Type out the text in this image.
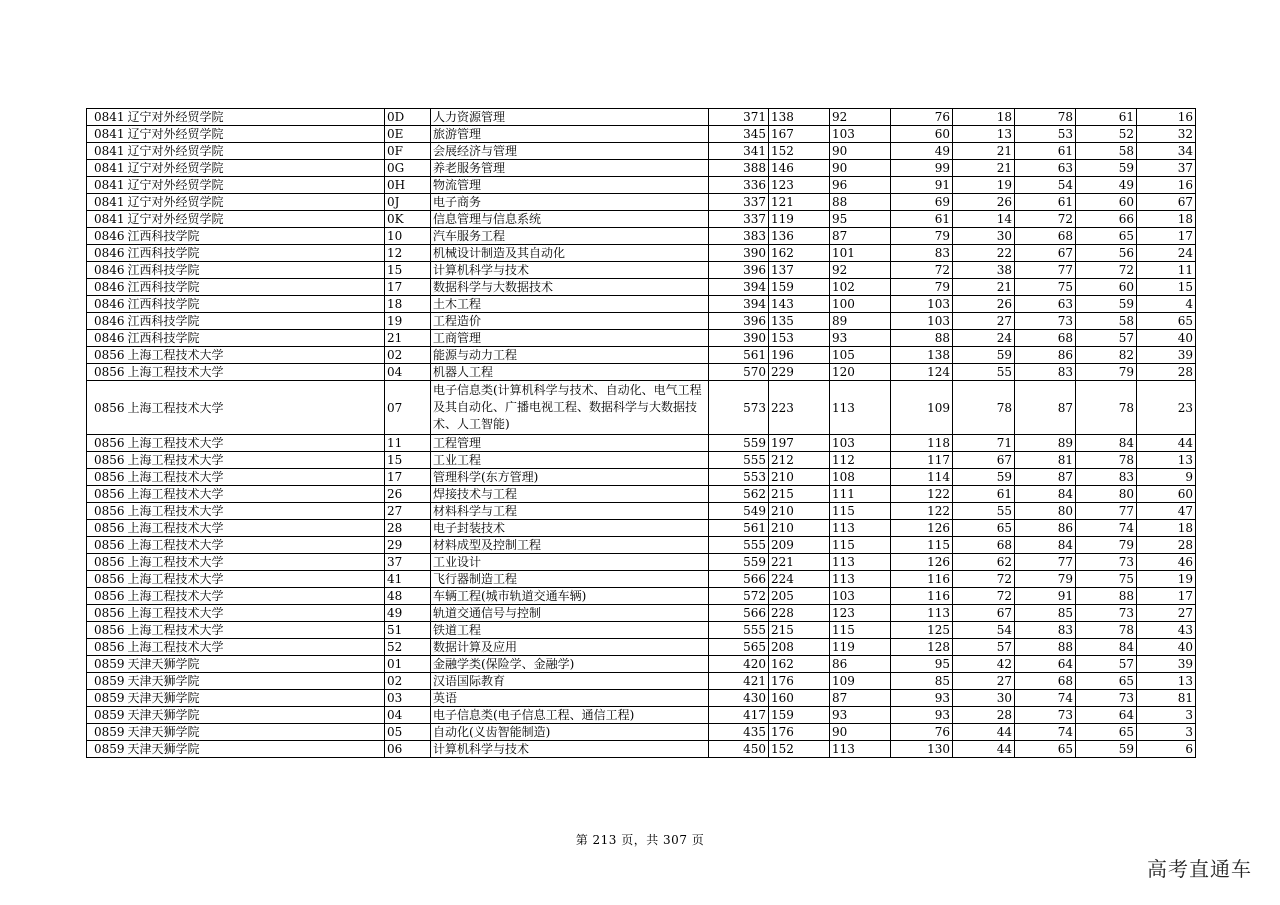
0841	辽宁对外经贸学院	0D	人力资源管理	371	138	92	76	18	78	61	16
0841	辽宁对外经贸学院	0E	旅游管理	345	167	103	60	13	53	52	32
0841	辽宁对外经贸学院	0F	会展经济与管理	341	152	90	49	21	61	58	34
0841	辽宁对外经贸学院	0G	养老服务管理	388	146	90	99	21	63	59	37
0841	辽宁对外经贸学院	0H	物流管理	336	123	96	91	19	54	49	16
0841	辽宁对外经贸学院	0J	电子商务	337	121	88	69	26	61	60	67
0841	辽宁对外经贸学院	0K	信息管理与信息系统	337	119	95	61	14	72	66	18
0846	江西科技学院	10	汽车服务工程	383	136	87	79	30	68	65	17
0846	江西科技学院	12	机械设计制造及其自动化	390	162	101	83	22	67	56	24
0846	江西科技学院	15	计算机科学与技术	396	137	92	72	38	77	72	11
0846	江西科技学院	17	数据科学与大数据技术	394	159	102	79	21	75	60	15
0846	江西科技学院	18	土木工程	394	143	100	103	26	63	59	4
0846	江西科技学院	19	工程造价	396	135	89	103	27	73	58	65
0846	江西科技学院	21	工商管理	390	153	93	88	24	68	57	40
0856	上海工程技术大学	02	能源与动力工程	561	196	105	138	59	86	82	39
0856	上海工程技术大学	04	机器人工程	570	229	120	124	55	83	79	28
0856	上海工程技术大学	07	电子信息类(计算机科学与技术、自动化、电气工程及其自动化、广播电视工程、数据科学与大数据技术、人工智能)	573	223	113	109	78	87	78	23
0856	上海工程技术大学	11	工程管理	559	197	103	118	71	89	84	44
0856	上海工程技术大学	15	工业工程	555	212	112	117	67	81	78	13
0856	上海工程技术大学	17	管理科学(东方管理)	553	210	108	114	59	87	83	9
0856	上海工程技术大学	26	焊接技术与工程	562	215	111	122	61	84	80	60
0856	上海工程技术大学	27	材料科学与工程	549	210	115	122	55	80	77	47
0856	上海工程技术大学	28	电子封装技术	561	210	113	126	65	86	74	18
0856	上海工程技术大学	29	材料成型及控制工程	555	209	115	115	68	84	79	28
0856	上海工程技术大学	37	工业设计	559	221	113	126	62	77	73	46
0856	上海工程技术大学	41	飞行器制造工程	566	224	113	116	72	79	75	19
0856	上海工程技术大学	48	车辆工程(城市轨道交通车辆)	572	205	103	116	72	91	88	17
0856	上海工程技术大学	49	轨道交通信号与控制	566	228	123	113	67	85	73	27
0856	上海工程技术大学	51	铁道工程	555	215	115	125	54	83	78	43
0856	上海工程技术大学	52	数据计算及应用	565	208	119	128	57	88	84	40
0859	天津天狮学院	01	金融学类(保险学、金融学)	420	162	86	95	42	64	57	39
0859	天津天狮学院	02	汉语国际教育	421	176	109	85	27	68	65	13
0859	天津天狮学院	03	英语	430	160	87	93	30	74	73	81
0859	天津天狮学院	04	电子信息类(电子信息工程、通信工程)	417	159	93	93	28	73	64	3
0859	天津天狮学院	05	自动化(义齿智能制造)	435	176	90	76	44	74	65	3
0859	天津天狮学院	06	计算机科学与技术	450	152	113	130	44	65	59	6
第 213 页，共 307 页
高考直通车
